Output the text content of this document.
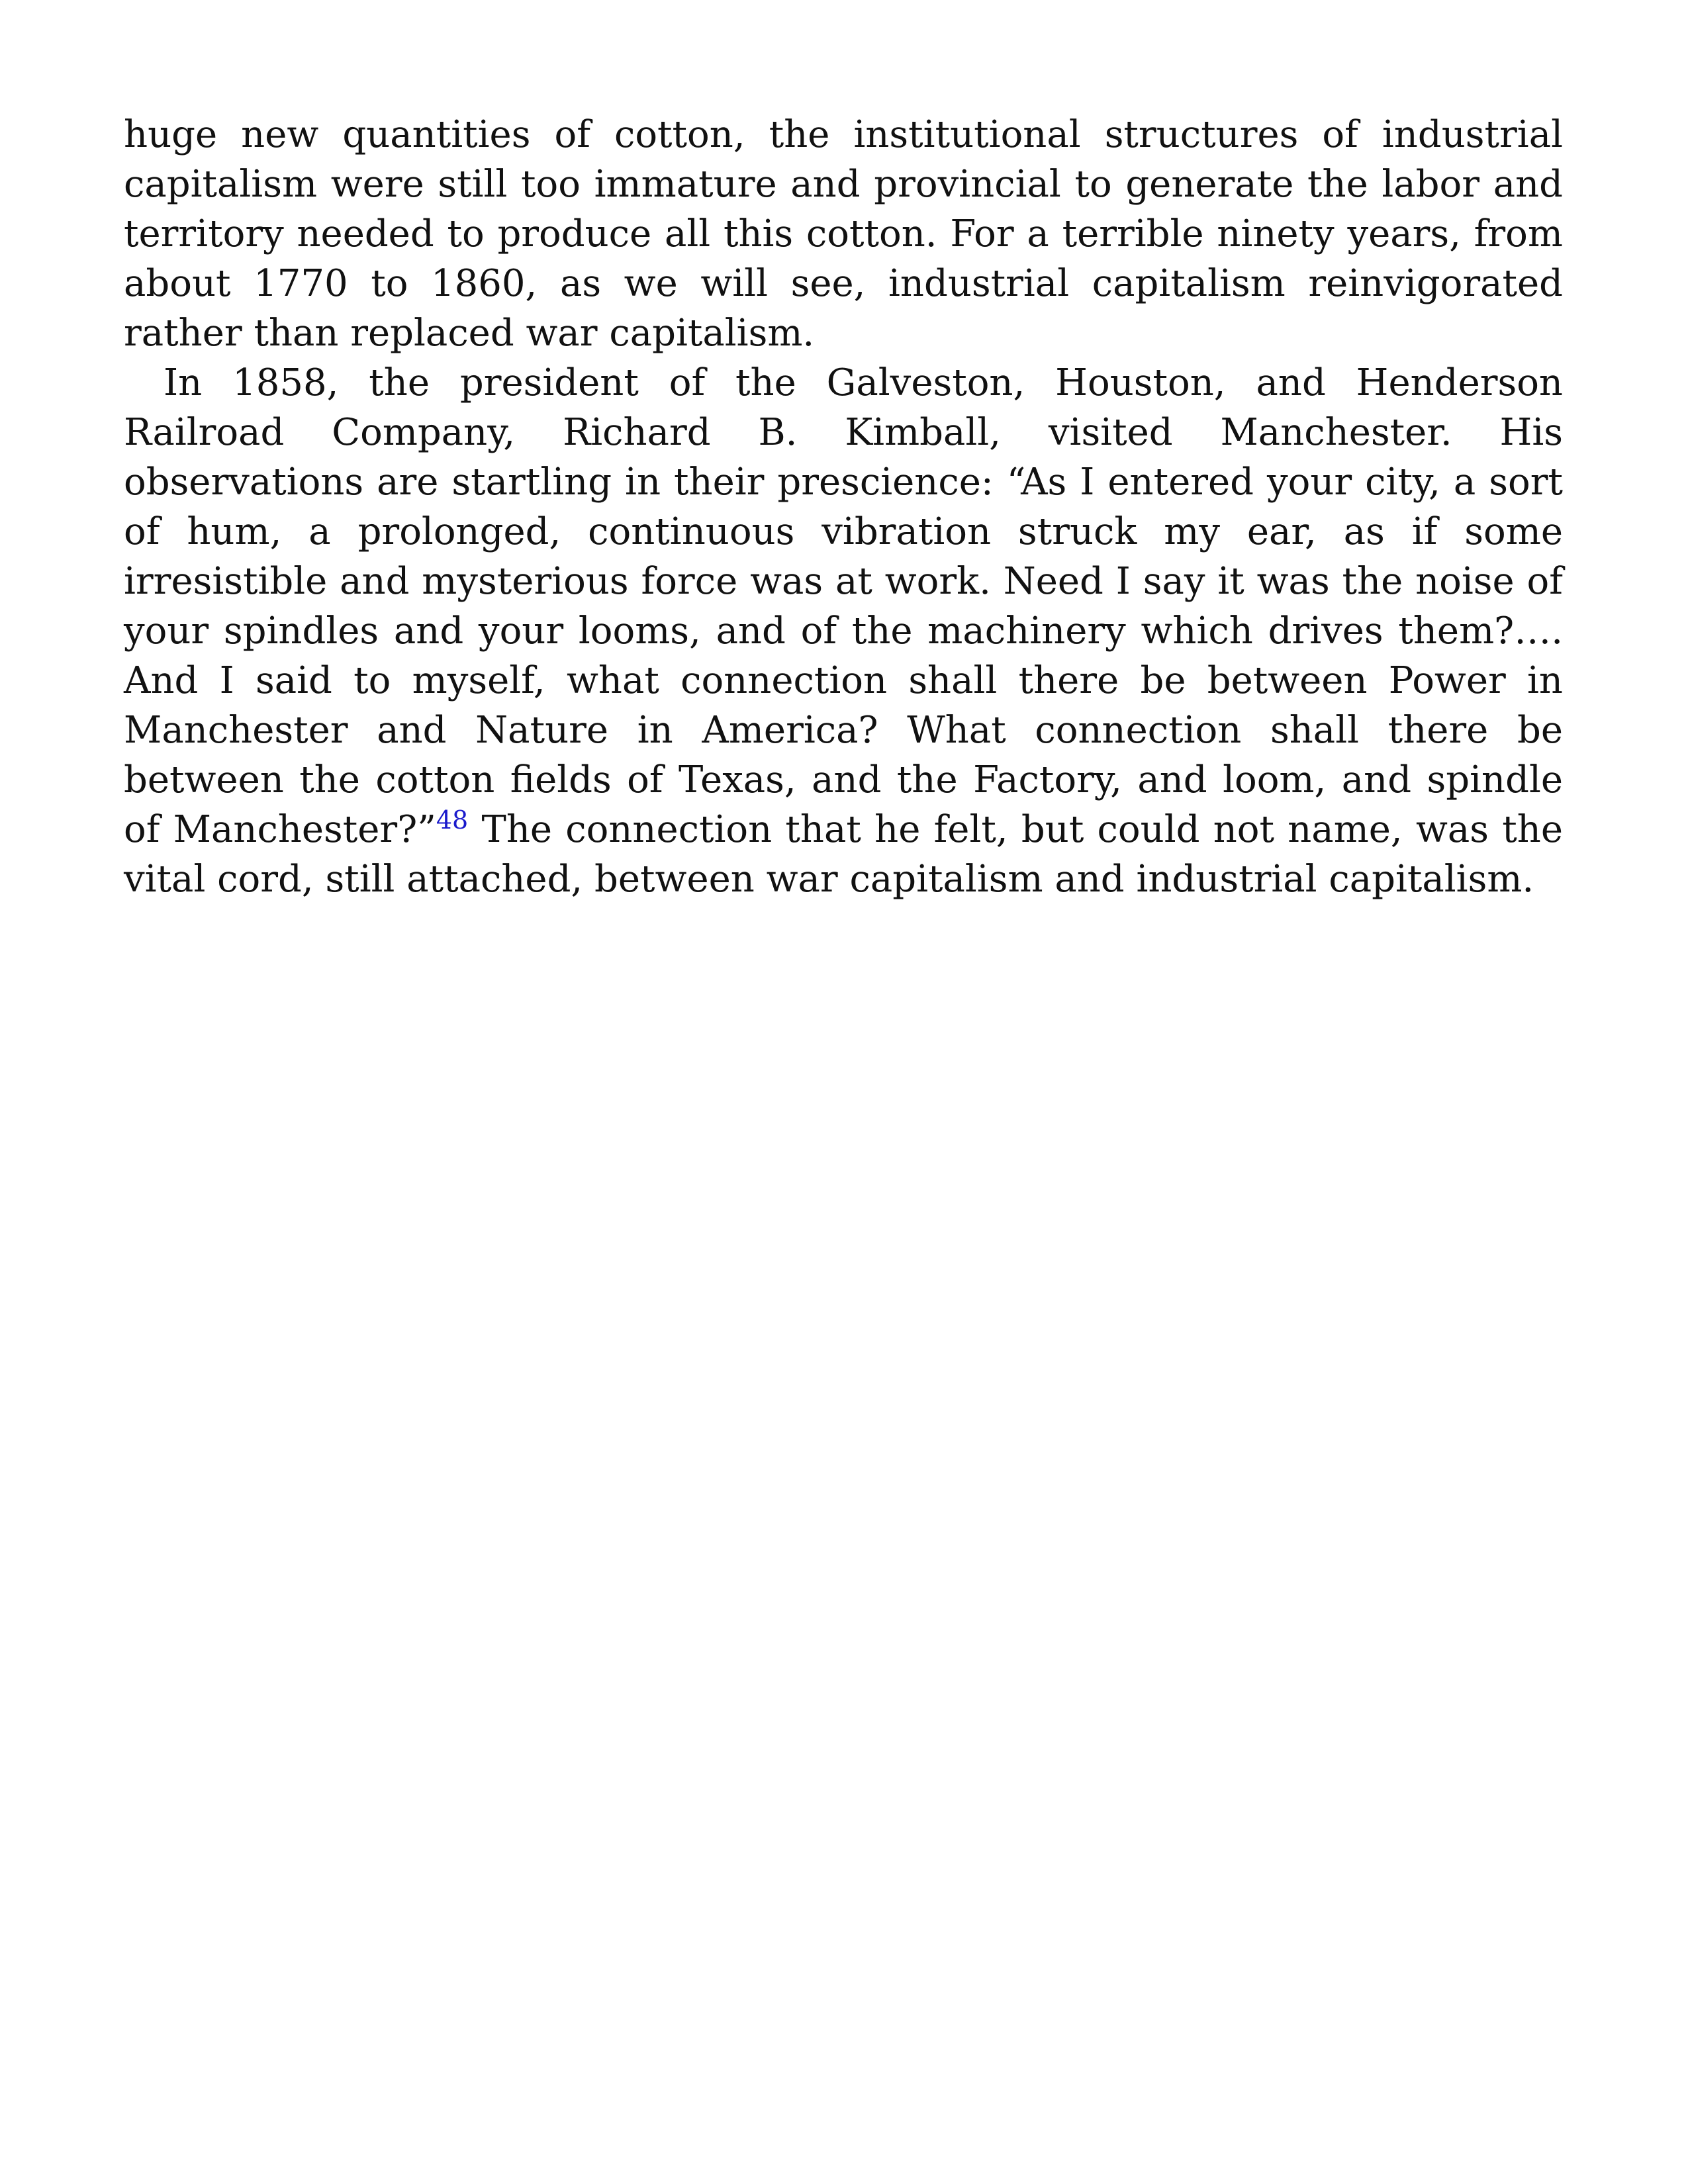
huge new quantities of cotton, the institutional structures of industrial capitalism were still too immature and provincial to generate the labor and territory needed to produce all this cotton. For a terrible ninety years, from about 1770 to 1860, as we will see, industrial capitalism reinvigorated rather than replaced war capitalism.

In 1858, the president of the Galveston, Houston, and Henderson Railroad Company, Richard B. Kimball, visited Manchester. His observations are startling in their prescience: “As I entered your city, a sort of hum, a prolonged, continuous vibration struck my ear, as if some irresistible and mysterious force was at work. Need I say it was the noise of your spindles and your looms, and of the machinery which drives them?…. And I said to myself, what connection shall there be between Power in Manchester and Nature in America? What connection shall there be between the cotton fields of Texas, and the Factory, and loom, and spindle of Manchester?”$^{48}$ The connection that he felt, but could not name, was the vital cord, still attached, between war capitalism and industrial capitalism.
